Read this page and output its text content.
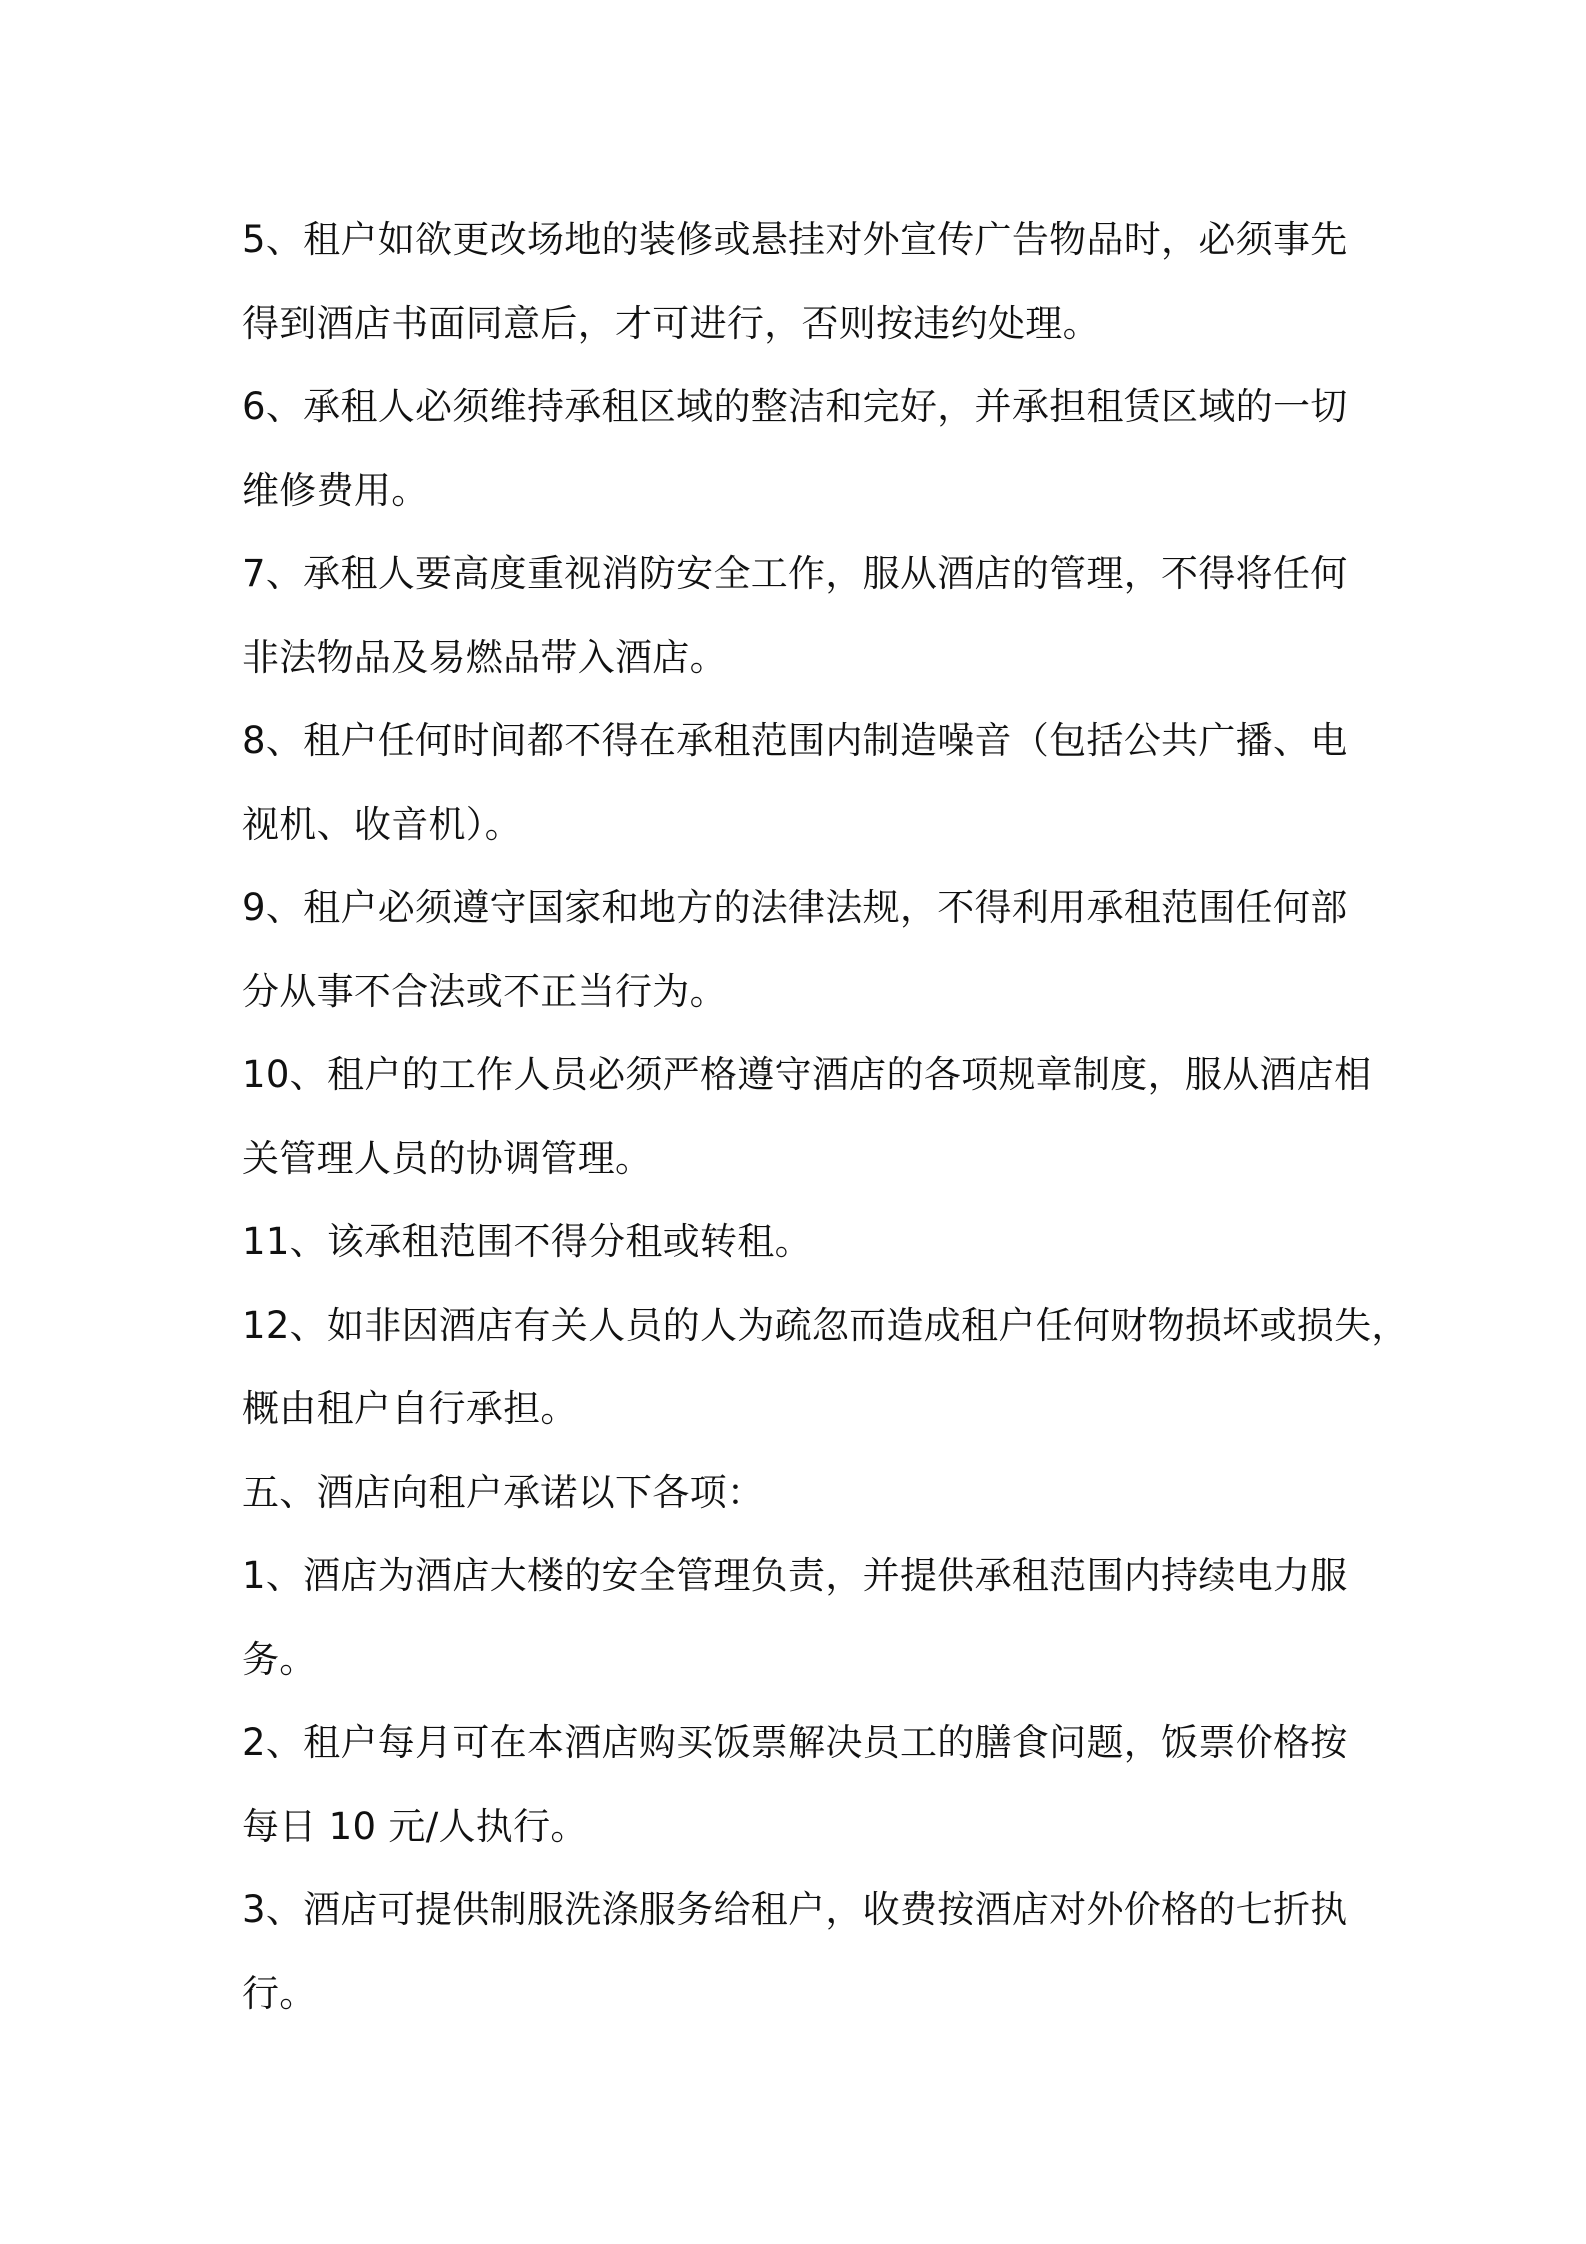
5、租户如欲更改场地的装修或悬挂对外宣传广告物品时，必须事先
得到酒店书面同意后，才可进行，否则按违约处理。
6、承租人必须维持承租区域的整洁和完好，并承担租赁区域的一切
维修费用。
7、承租人要高度重视消防安全工作，服从酒店的管理，不得将任何
非法物品及易燃品带入酒店。
8、租户任何时间都不得在承租范围内制造噪音（包括公共广播、电
视机、收音机）。
9、租户必须遵守国家和地方的法律法规，不得利用承租范围任何部
分从事不合法或不正当行为。
10、租户的工作人员必须严格遵守酒店的各项规章制度，服从酒店相
关管理人员的协调管理。
11、该承租范围不得分租或转租。
12、如非因酒店有关人员的人为疏忽而造成租户任何财物损坏或损失，
概由租户自行承担。
五、酒店向租户承诺以下各项：
1、酒店为酒店大楼的安全管理负责，并提供承租范围内持续电力服
务。
2、租户每月可在本酒店购买饭票解决员工的膳食问题，饭票价格按
每日 10 元/人执行。
3、酒店可提供制服洗涤服务给租户，收费按酒店对外价格的七折执
行。
